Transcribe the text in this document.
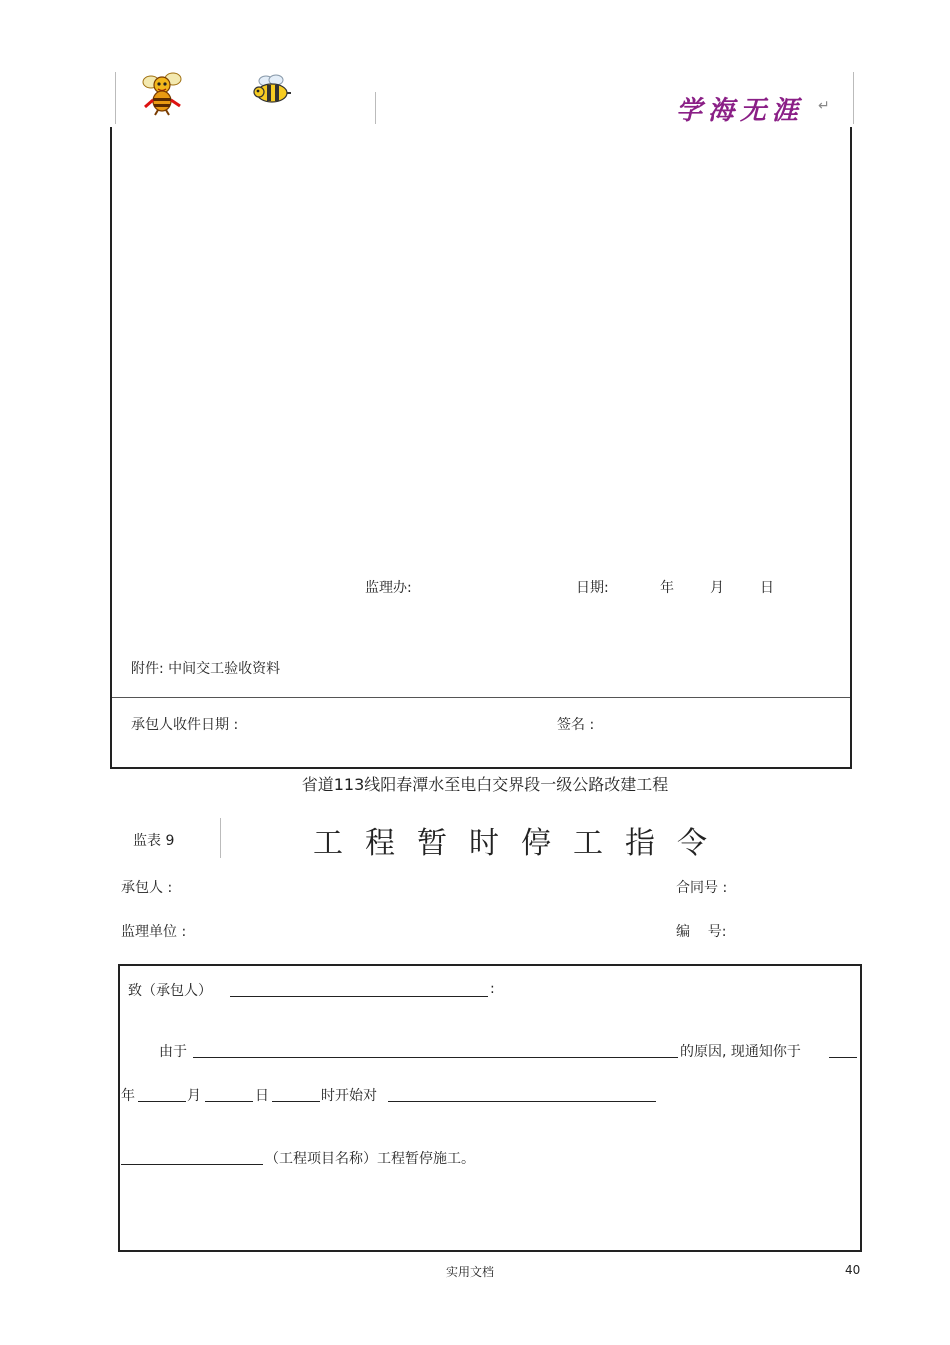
学海无涯 ↵
监理办:	日期:	年	月	日
附件: 中间交工验收资料
承包人收件日期 :	签名 :
省道113线阳春潭水至电白交界段一级公路改建工程
监表 9	工程暂时停工指令
承包人 :	合同号 :
监理单位 :	编    号:
致（承包人）	:
由于	的原因, 现通知你于
年	月	日	时开始对
（工程项目名称）工程暂停施工。
实用文档	40
